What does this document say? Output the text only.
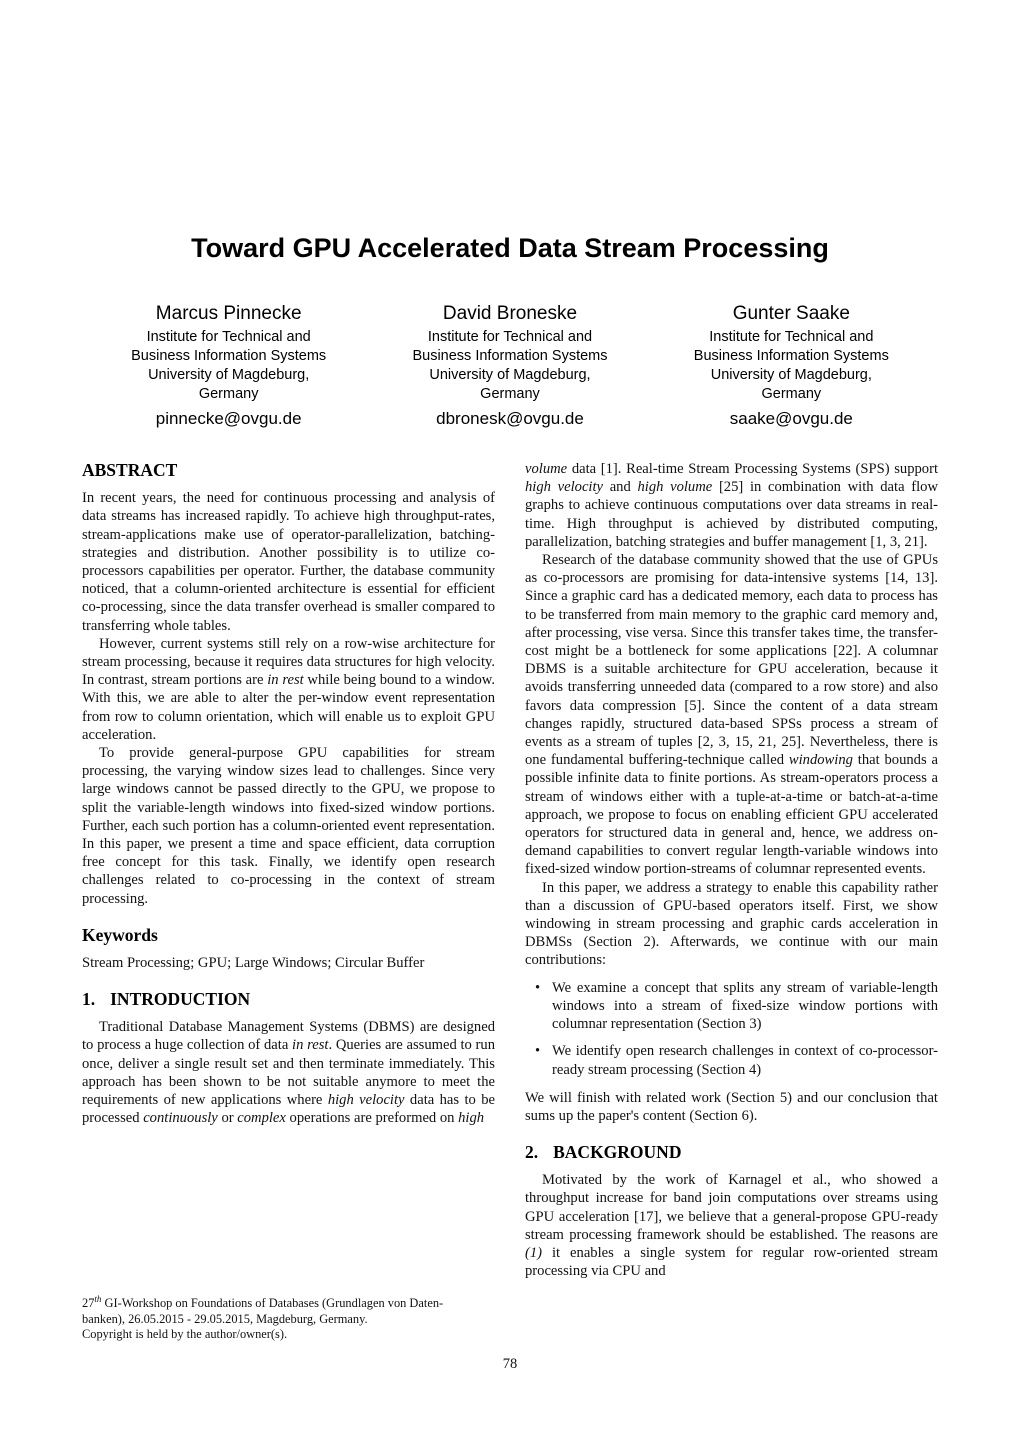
Toward GPU Accelerated Data Stream Processing
Marcus Pinnecke
Institute for Technical and
Business Information Systems
University of Magdeburg,
Germany
pinnecke@ovgu.de
David Broneske
Institute for Technical and
Business Information Systems
University of Magdeburg,
Germany
dbronesk@ovgu.de
Gunter Saake
Institute for Technical and
Business Information Systems
University of Magdeburg,
Germany
saake@ovgu.de
ABSTRACT

In recent years, the need for continuous processing and analysis of data streams has increased rapidly. To achieve high throughput-rates, stream-applications make use of operator-parallelization, batching-strategies and distribution. Another possibility is to utilize co-processors capabilities per operator. Further, the database community noticed, that a column-oriented architecture is essential for efficient co-processing, since the data transfer overhead is smaller compared to transferring whole tables.

However, current systems still rely on a row-wise architecture for stream processing, because it requires data structures for high velocity. In contrast, stream portions are in rest while being bound to a window. With this, we are able to alter the per-window event representation from row to column orientation, which will enable us to exploit GPU acceleration.

To provide general-purpose GPU capabilities for stream processing, the varying window sizes lead to challenges. Since very large windows cannot be passed directly to the GPU, we propose to split the variable-length windows into fixed-sized window portions. Further, each such portion has a column-oriented event representation. In this paper, we present a time and space efficient, data corruption free concept for this task. Finally, we identify open research challenges related to co-processing in the context of stream processing.

Keywords

Stream Processing; GPU; Large Windows; Circular Buffer

1. INTRODUCTION

Traditional Database Management Systems (DBMS) are designed to process a huge collection of data in rest. Queries are assumed to run once, deliver a single result set and then terminate immediately. This approach has been shown to be not suitable anymore to meet the requirements of new applications where high velocity data has to be processed continuously or complex operations are preformed on high

volume data [1]. Real-time Stream Processing Systems (SPS) support high velocity and high volume [25] in combination with data flow graphs to achieve continuous computations over data streams in real-time. High throughput is achieved by distributed computing, parallelization, batching strategies and buffer management [1, 3, 21].

Research of the database community showed that the use of GPUs as co-processors are promising for data-intensive systems [14, 13]. Since a graphic card has a dedicated memory, each data to process has to be transferred from main memory to the graphic card memory and, after processing, vise versa. Since this transfer takes time, the transfer-cost might be a bottleneck for some applications [22]. A columnar DBMS is a suitable architecture for GPU acceleration, because it avoids transferring unneeded data (compared to a row store) and also favors data compression [5]. Since the content of a data stream changes rapidly, structured data-based SPSs process a stream of events as a stream of tuples [2, 3, 15, 21, 25]. Nevertheless, there is one fundamental buffering-technique called windowing that bounds a possible infinite data to finite portions. As stream-operators process a stream of windows either with a tuple-at-a-time or batch-at-a-time approach, we propose to focus on enabling efficient GPU accelerated operators for structured data in general and, hence, we address on-demand capabilities to convert regular length-variable windows into fixed-sized window portion-streams of columnar represented events.

In this paper, we address a strategy to enable this capability rather than a discussion of GPU-based operators itself. First, we show windowing in stream processing and graphic cards acceleration in DBMSs (Section 2). Afterwards, we continue with our main contributions:

• We examine a concept that splits any stream of variable-length windows into a stream of fixed-size window portions with columnar representation (Section 3)
• We identify open research challenges in context of co-processor-ready stream processing (Section 4)

We will finish with related work (Section 5) and our conclusion that sums up the paper's content (Section 6).

2. BACKGROUND

Motivated by the work of Karnagel et al., who showed a throughput increase for band join computations over streams using GPU acceleration [17], we believe that a general-propose GPU-ready stream processing framework should be established. The reasons are (1) it enables a single system for regular row-oriented stream processing via CPU and

27th GI-Workshop on Foundations of Databases (Grundlagen von Daten-
banken), 26.05.2015 - 29.05.2015, Magdeburg, Germany.
Copyright is held by the author/owner(s).
78
